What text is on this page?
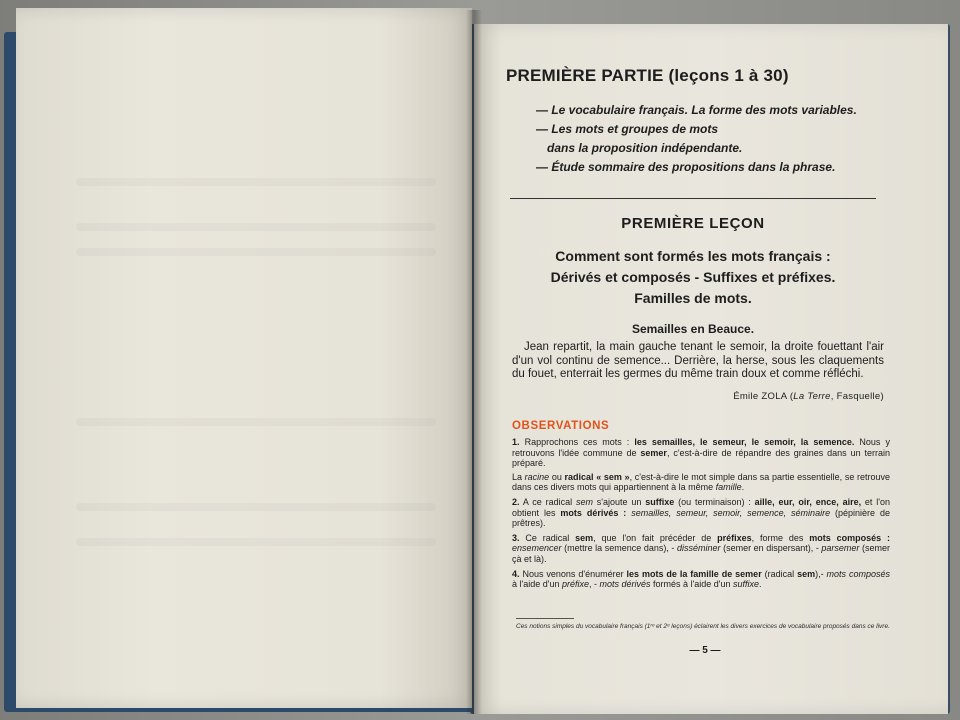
PREMIÈRE PARTIE (leçons 1 à 30)
— Le vocabulaire français. La forme des mots variables.
— Les mots et groupes de mots
dans la proposition indépendante.
— Étude sommaire des propositions dans la phrase.
PREMIÈRE LEÇON
Comment sont formés les mots français :
Dérivés et composés - Suffixes et préfixes.
Familles de mots.
Semailles en Beauce.

Jean repartit, la main gauche tenant le semoir, la droite fouettant l'air d'un vol continu de semence... Derrière, la herse, sous les claquements du fouet, enterrait les germes du même train doux et comme réfléchi.

Émile ZOLA (La Terre, Fasquelle)
OBSERVATIONS

1. Rapprochons ces mots : les semailles, le semeur, le semoir, la semence. Nous y retrouvons l'idée commune de semer, c'est-à-dire de répandre des graines dans un terrain préparé.

La racine ou radical « sem », c'est-à-dire le mot simple dans sa partie essentielle, se retrouve dans ces divers mots qui appartiennent à la même famille.

2. A ce radical sem s'ajoute un suffixe (ou terminaison) : aille, eur, oir, ence, aire, et l'on obtient les mots dérivés : semailles, semeur, semoir, semence, séminaire (pépinière de prêtres).

3. Ce radical sem, que l'on fait précéder de préfixes, forme des mots composés : ensemencer (mettre la semence dans), - disséminer (semer en dispersant), - parsemer (semer çà et là).

4. Nous venons d'énumérer les mots de la famille de semer (radical sem),- mots composés à l'aide d'un préfixe, - mots dérivés formés à l'aide d'un suffixe.

Ces notions simples du vocabulaire français (1ʳᵉ et 2ᵉ leçons) éclairent les divers exercices de vocabulaire proposés dans ce livre.
— 5 —
